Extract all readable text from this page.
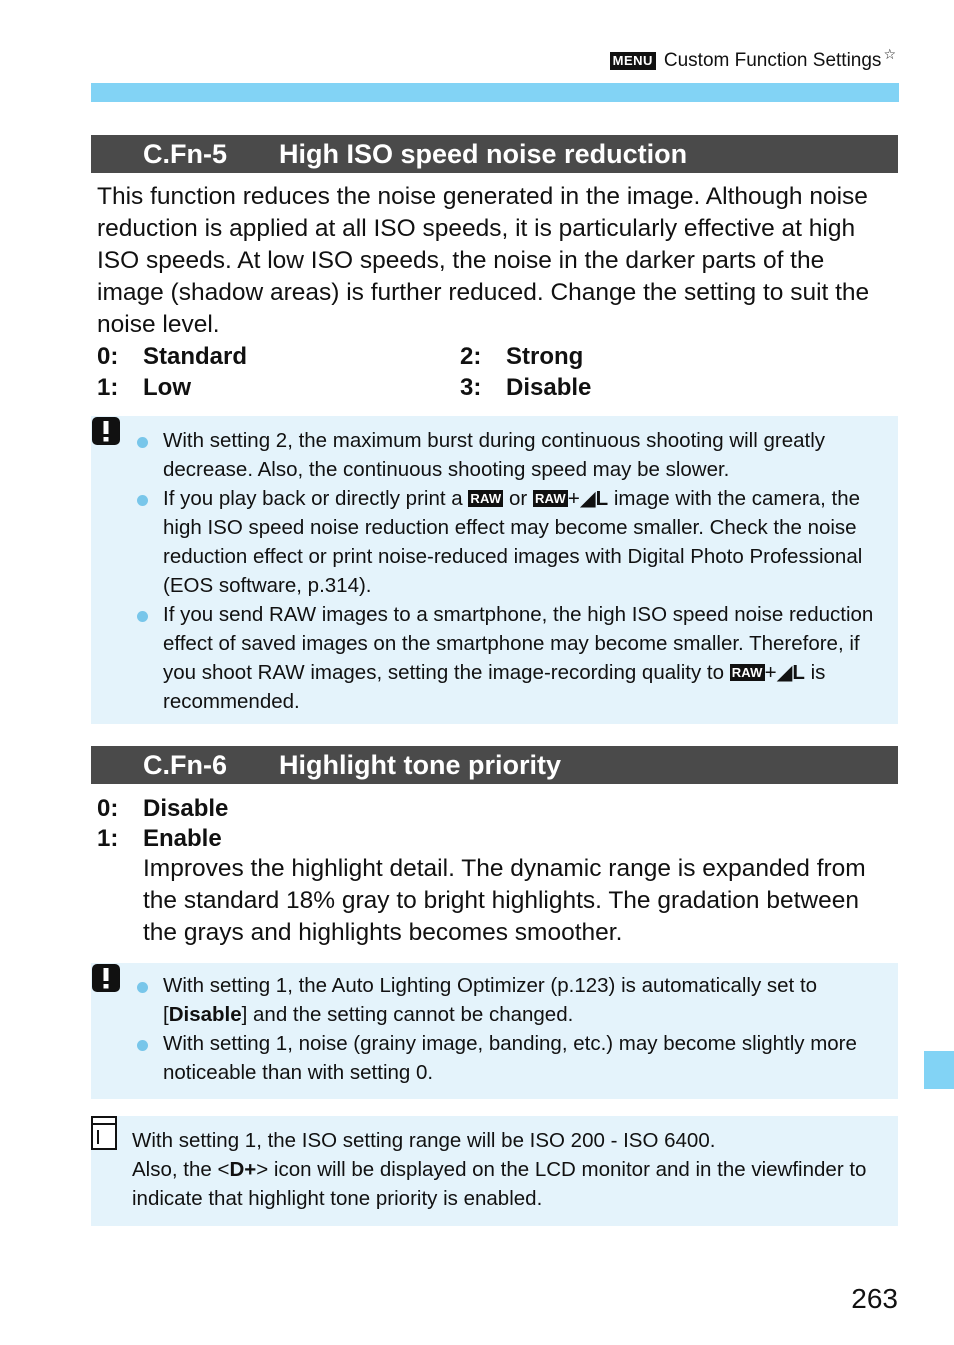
MENU Custom Function Settings ☆
C.Fn-5 High ISO speed noise reduction
This function reduces the noise generated in the image. Although noise reduction is applied at all ISO speeds, it is particularly effective at high ISO speeds. At low ISO speeds, the noise in the darker parts of the image (shadow areas) is further reduced. Change the setting to suit the noise level.
0: Standard
1: Low
2: Strong
3: Disable
With setting 2, the maximum burst during continuous shooting will greatly decrease. Also, the continuous shooting speed may be slower.
If you play back or directly print a RAW or RAW+◢L image with the camera, the high ISO speed noise reduction effect may become smaller. Check the noise reduction effect or print noise-reduced images with Digital Photo Professional (EOS software, p.314).
If you send RAW images to a smartphone, the high ISO speed noise reduction effect of saved images on the smartphone may become smaller. Therefore, if you shoot RAW images, setting the image-recording quality to RAW+◢L is recommended.
C.Fn-6 Highlight tone priority
0: Disable
1: Enable
Improves the highlight detail. The dynamic range is expanded from the standard 18% gray to bright highlights. The gradation between the grays and highlights becomes smoother.
With setting 1, the Auto Lighting Optimizer (p.123) is automatically set to [Disable] and the setting cannot be changed.
With setting 1, noise (grainy image, banding, etc.) may become slightly more noticeable than with setting 0.
With setting 1, the ISO setting range will be ISO 200 - ISO 6400.
Also, the <D+> icon will be displayed on the LCD monitor and in the viewfinder to indicate that highlight tone priority is enabled.
263
